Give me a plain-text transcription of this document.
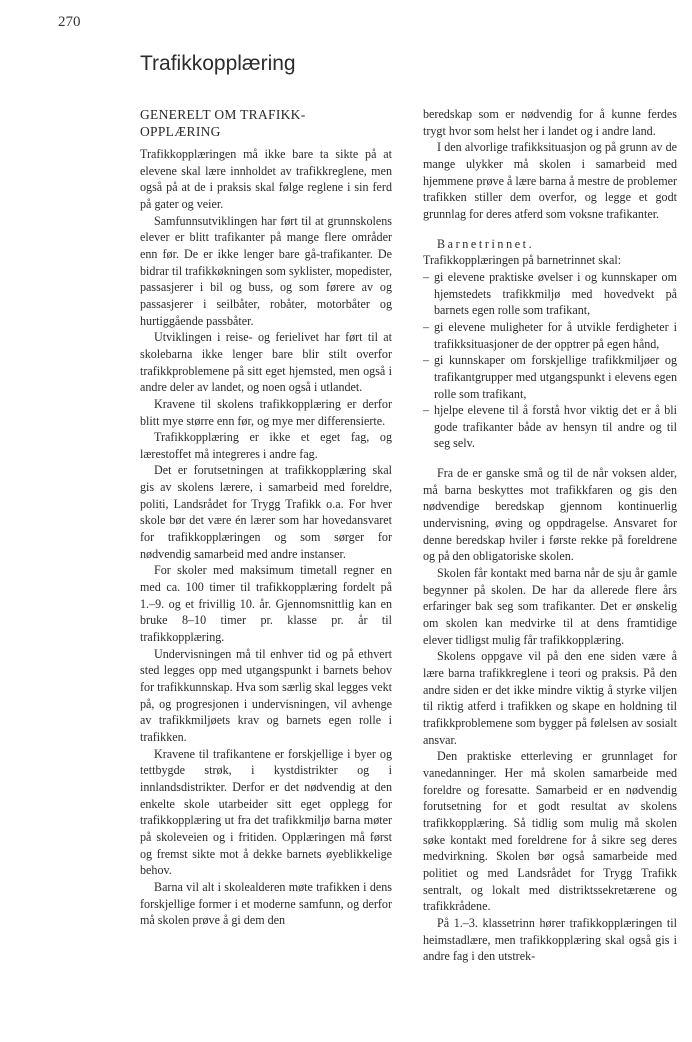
270
Trafikkopplæring
GENERELT OM TRAFIKK-
OPPLÆRING

Trafikkopplæringen må ikke bare ta sikte på at elevene skal lære innholdet av trafikkreglene, men også på at de i praksis skal følge reglene i sin ferd på gater og veier.

Samfunnsutviklingen har ført til at grunnskolens elever er blitt trafikanter på mange flere områder enn før. De er ikke lenger bare gå-trafikanter. De bidrar til trafikkøkningen som syklister, mopedister, passasjerer i bil og buss, og som førere av og passasjerer i seilbåter, robåter, motorbåter og hurtiggående passbåter.

Utviklingen i reise- og ferielivet har ført til at skolebarna ikke lenger bare blir stilt overfor trafikkproblemene på sitt eget hjemsted, men også i andre deler av landet, og noen også i utlandet.

Kravene til skolens trafikkopplæring er derfor blitt mye større enn før, og mye mer differensierte.

Trafikkopplæring er ikke et eget fag, og lærestoffet må integreres i andre fag.

Det er forutsetningen at trafikkopplæring skal gis av skolens lærere, i samarbeid med foreldre, politi, Landsrådet for Trygg Trafikk o.a. For hver skole bør det være én lærer som har hovedansvaret for trafikkopplæringen og som sørger for nødvendig samarbeid med andre instanser.

For skoler med maksimum timetall regner en med ca. 100 timer til trafikkopplæring fordelt på 1.–9. og et frivillig 10. år. Gjennomsnittlig kan en bruke 8–10 timer pr. klasse pr. år til trafikkopplæring.

Undervisningen må til enhver tid og på ethvert sted legges opp med utgangspunkt i barnets behov for trafikkunnskap. Hva som særlig skal legges vekt på, og progresjonen i undervisningen, vil avhenge av trafikkmiljøets krav og barnets egen rolle i trafikken.

Kravene til trafikantene er forskjellige i byer og tettbygde strøk, i kystdistrikter og i innlandsdistrikter. Derfor er det nødvendig at den enkelte skole utarbeider sitt eget opplegg for trafikkopplæring ut fra det trafikkmiljø barna møter på skoleveien og i fritiden. Opplæringen må først og fremst sikte mot å dekke barnets øyeblikkelige behov.

Barna vil alt i skolealderen møte trafikken i dens forskjellige former i et moderne samfunn, og derfor må skolen prøve å gi dem den

beredskap som er nødvendig for å kunne ferdes trygt hvor som helst her i landet og i andre land.

I den alvorlige trafikksituasjon og på grunn av de mange ulykker må skolen i samarbeid med hjemmene prøve å lære barna å mestre de problemer trafikken stiller dem overfor, og legge et godt grunnlag for deres atferd som voksne trafikanter.

Barnetrinnet.

Trafikkopplæringen på barnetrinnet skal:

– gi elevene praktiske øvelser i og kunnskaper om hjemstedets trafikkmiljø med hovedvekt på barnets egen rolle som trafikant,
– gi elevene muligheter for å utvikle ferdigheter i trafikksituasjoner de der opptrer på egen hånd,
– gi kunnskaper om forskjellige trafikkmiljøer og trafikantgrupper med utgangspunkt i elevens egen rolle som trafikant,
– hjelpe elevene til å forstå hvor viktig det er å bli gode trafikanter både av hensyn til andre og til seg selv.

Fra de er ganske små og til de når voksen alder, må barna beskyttes mot trafikkfaren og gis den nødvendige beredskap gjennom kontinuerlig undervisning, øving og oppdragelse. Ansvaret for denne beredskap hviler i første rekke på foreldrene og på den obligatoriske skolen.

Skolen får kontakt med barna når de sju år gamle begynner på skolen. De har da allerede flere års erfaringer bak seg som trafikanter. Det er ønskelig om skolen kan medvirke til at dens framtidige elever tidligst mulig får trafikkopplæring.

Skolens oppgave vil på den ene siden være å lære barna trafikkreglene i teori og praksis. På den andre siden er det ikke mindre viktig å styrke viljen til riktig atferd i trafikken og skape en holdning til trafikkproblemene som bygger på følelsen av sosialt ansvar.

Den praktiske etterleving er grunnlaget for vanedanninger. Her må skolen samarbeide med foreldre og foresatte. Samarbeid er en nødvendig forutsetning for et godt resultat av skolens trafikkopplæring. Så tidlig som mulig må skolen søke kontakt med foreldrene for å sikre seg deres medvirkning. Skolen bør også samarbeide med politiet og med Landsrådet for Trygg Trafikk sentralt, og lokalt med distriktssekretærene og trafikkrådene.

På 1.–3. klassetrinn hører trafikkopplæringen til heimstadlære, men trafikkopplæring skal også gis i andre fag i den utstrek-
